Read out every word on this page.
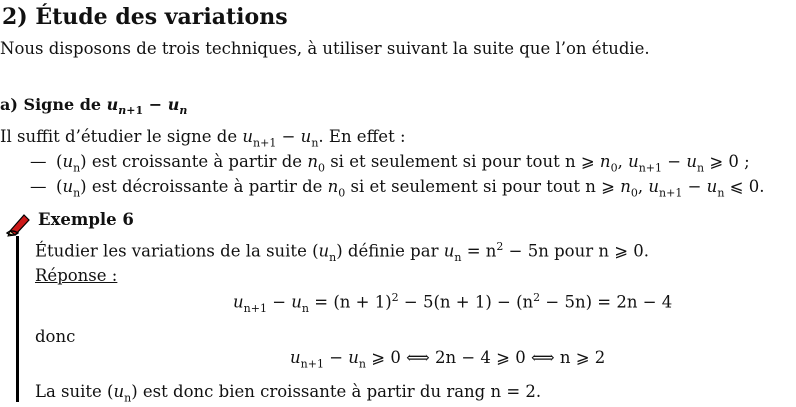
2) Étude des variations
Nous disposons de trois techniques, à utiliser suivant la suite que l’on étudie.
a) Signe de $u_{n+1} - u_n$
Il suffit d’étudier le signe de $u_{n+1} - u_n$. En effet :
— $(u_n)$ est croissante à partir de $n_0$ si et seulement si pour tout n ⩾ $n_0$, $u_{n+1} - u_n$ ⩾ 0 ;
— $(u_n)$ est décroissante à partir de $n_0$ si et seulement si pour tout n ⩾ $n_0$, $u_{n+1} - u_n$ ⩽ 0.
Exemple 6
Étudier les variations de la suite $(u_n)$ définie par $u_n = n^2 - 5n$ pour n ⩾ 0.
Réponse :
$u_{n+1} - u_n = (n + 1)^2 - 5(n + 1) - (n^2 - 5n) = 2n - 4$
donc
$u_{n+1} - u_n$ ⩾ 0 ⟺ 2n − 4 ⩾ 0 ⟺ n ⩾ 2
La suite $(u_n)$ est donc bien croissante à partir du rang n = 2.
